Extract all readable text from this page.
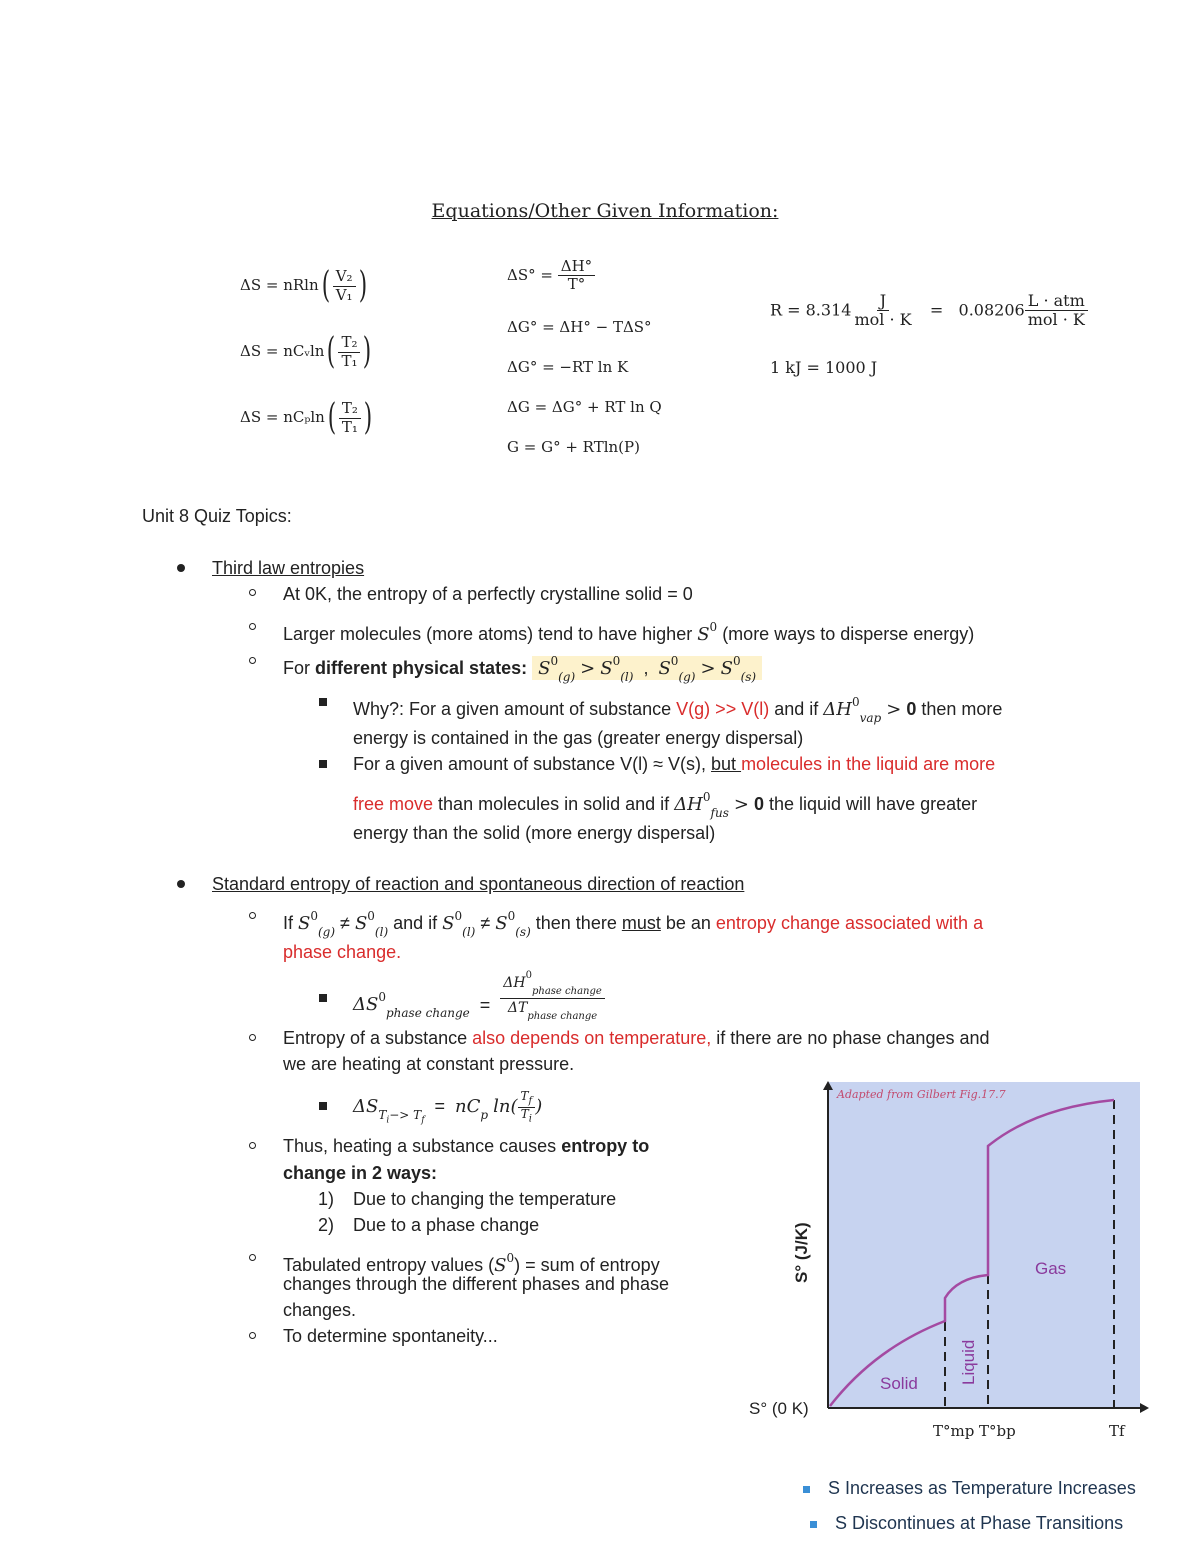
Equations/Other Given Information:
ΔS = nRln ( $\frac{\text{V₂}}{\text{V₁}}$ )
ΔS = nCᵥln ( $\frac{\text{T₂}}{\text{T₁}}$ )
ΔS = nCₚln ( $\frac{\text{T₂}}{\text{T₁}}$ )
$\Delta S^\circ = \frac{\Delta H^\circ}{T^\circ}$
ΔG° = ΔH° − TΔS°
ΔG° = −RT ln K
ΔG = ΔG° + RT ln Q
G = G° + RTln(P)
$R = 8.314 \frac{J}{\text{mol · K}} = 0.08206 \frac{\text{L · atm}}{\text{mol · K}}$
1 kJ = 1000 J
Unit 8 Quiz Topics:
Third law entropies
At 0K, the entropy of a perfectly crystalline solid = 0
Larger molecules (more atoms) tend to have higher $S^0$ (more ways to disperse energy)
For different physical states: $S^0_{(g)} > S^0_{(l)}$  ,  $S^0_{(g)} > S^0_{(s)}$
Why?: For a given amount of substance V(g) >> V(l) and if $\Delta H^0_{vap} > 0$ then more
energy is contained in the gas (greater energy dispersal)
For a given amount of substance V(l) ≈ V(s), but molecules in the liquid are more
free move than molecules in solid and if $\Delta H^0_{fus} > 0$ the liquid will have greater
energy than the solid (more energy dispersal)
Standard entropy of reaction and spontaneous direction of reaction
If $S^0_{(g)} \ne S^0_{(l)}$ and if $S^0_{(l)} \ne S^0_{(s)}$ then there must be an entropy change associated with a
phase change.
$\Delta S^0_{phase change} = \frac{\Delta H^0_{phase change}}{\Delta T_{phase change}}$
Entropy of a substance also depends on temperature, if there are no phase changes and
we are heating at constant pressure.
$\Delta S_{T_i-> T_f} = nC_p$ $\ln( \frac{T_f}{T_i}$ )
Thus, heating a substance causes entropy to
change in 2 ways:
1) Due to changing the temperature
2) Due to a phase change
Tabulated entropy values $(S^0)$ = sum of entropy
changes through the different phases and phase
changes.
To determine spontaneity...
Adapted from Gilbert Fig.17.7
S° (J/K)
S° (0 K)
T°mp T°bp	Tf
Solid Liquid
Gas
S Increases as Temperature Increases
S Discontinues at Phase Transitions
